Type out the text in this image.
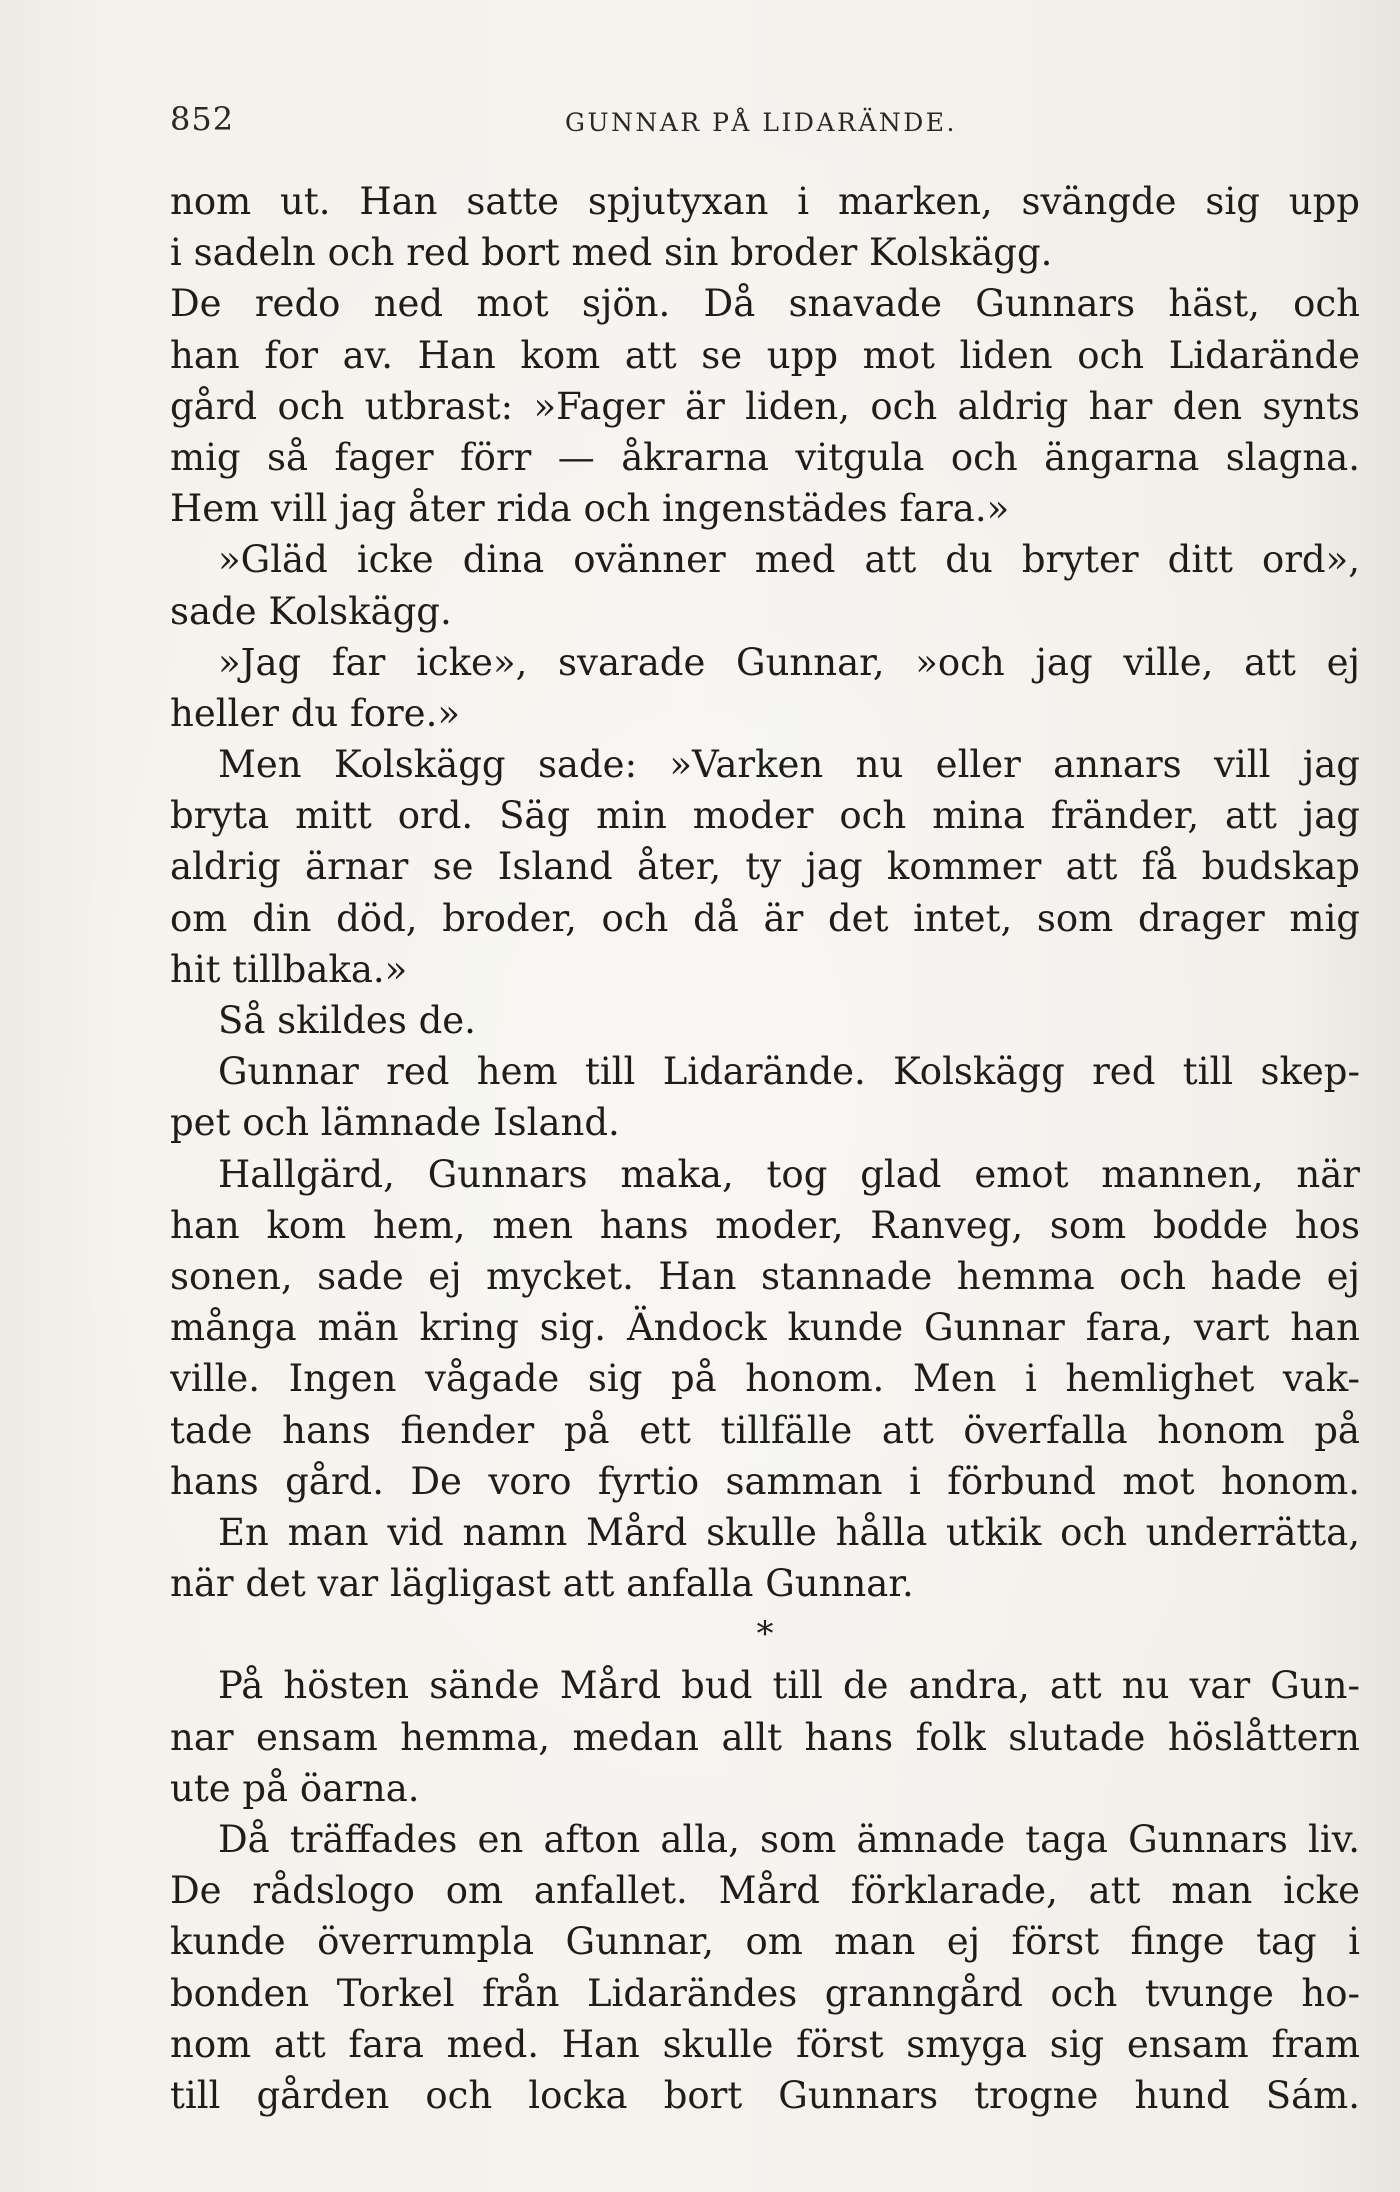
852	GUNNAR PÅ LIDARÄNDE.
nom ut. Han satte spjutyxan i marken, svängde sig upp
i sadeln och red bort med sin broder Kolskägg.
De redo ned mot sjön. Då snavade Gunnars häst, och
han for av. Han kom att se upp mot liden och Lidarände
gård och utbrast: »Fager är liden, och aldrig har den synts
mig så fager förr — åkrarna vitgula och ängarna slagna.
Hem vill jag åter rida och ingenstädes fara.»
»Gläd icke dina ovänner med att du bryter ditt ord»,
sade Kolskägg.
»Jag far icke», svarade Gunnar, »och jag ville, att ej
heller du fore.»
Men Kolskägg sade: »Varken nu eller annars vill jag
bryta mitt ord. Säg min moder och mina fränder, att jag
aldrig ärnar se Island åter, ty jag kommer att få budskap
om din död, broder, och då är det intet, som drager mig
hit tillbaka.»
Så skildes de.
Gunnar red hem till Lidarände. Kolskägg red till skep-
pet och lämnade Island.
Hallgärd, Gunnars maka, tog glad emot mannen, när
han kom hem, men hans moder, Ranveg, som bodde hos
sonen, sade ej mycket. Han stannade hemma och hade ej
många män kring sig. Ändock kunde Gunnar fara, vart han
ville. Ingen vågade sig på honom. Men i hemlighet vak-
tade hans fiender på ett tillfälle att överfalla honom på
hans gård. De voro fyrtio samman i förbund mot honom.
En man vid namn Mård skulle hålla utkik och underrätta,
när det var lägligast att anfalla Gunnar.
*
På hösten sände Mård bud till de andra, att nu var Gun-
nar ensam hemma, medan allt hans folk slutade höslåttern
ute på öarna.
Då träffades en afton alla, som ämnade taga Gunnars liv.
De rådslogo om anfallet. Mård förklarade, att man icke
kunde överrumpla Gunnar, om man ej först finge tag i
bonden Torkel från Lidarändes granngård och tvunge ho-
nom att fara med. Han skulle först smyga sig ensam fram
till gården och locka bort Gunnars trogne hund Sám.
